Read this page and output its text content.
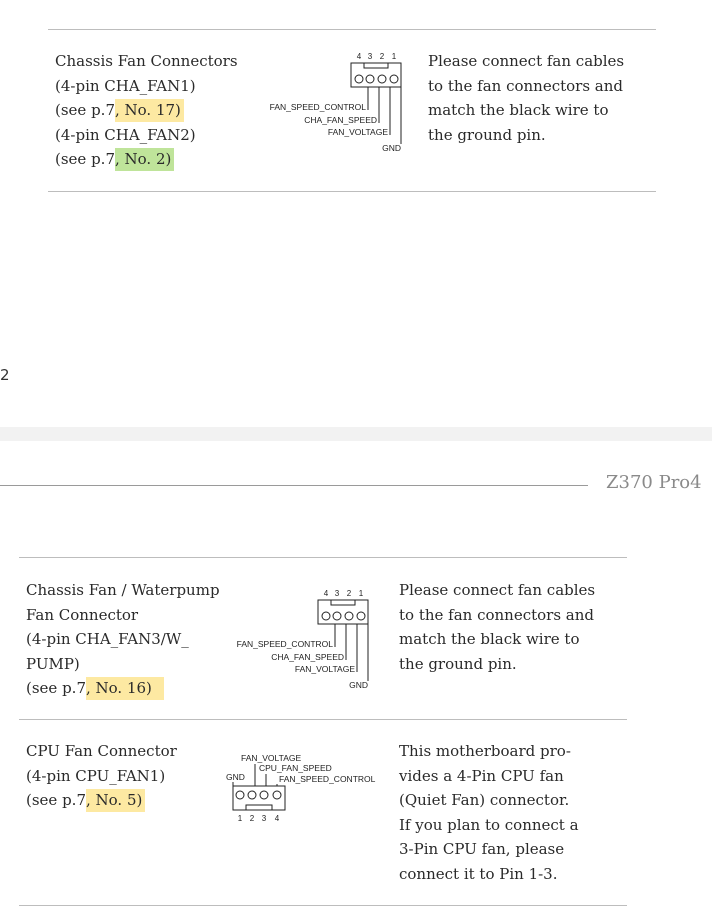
Chassis Fan Connectors
(4-pin CHA_FAN1)
(see p.7, No. 17)
(4-pin CHA_FAN2)
(see p.7, No. 2)
4 3 2 1
FAN_SPEED_CONTROL
CHA_FAN_SPEED
FAN_VOLTAGE
GND
Please connect fan cables
to the fan connectors and
match the black wire to
the ground pin.
2
Z370 Pro4
Chassis Fan / Waterpump
Fan Connector
(4-pin CHA_FAN3/W_
PUMP)
(see p.7, No. 16)
4 3 2 1
FAN_SPEED_CONTROL
CHA_FAN_SPEED
FAN_VOLTAGE
GND
Please connect fan cables
to the fan connectors and
match the black wire to
the ground pin.
CPU Fan Connector
(4-pin CPU_FAN1)
(see p.7, No. 5)
FAN_VOLTAGE
CPU_FAN_SPEED
FAN_SPEED_CONTROL
GND
1 2 3 4
This motherboard pro-
vides a 4-Pin CPU fan
(Quiet Fan) connector.
If you plan to connect a
3-Pin CPU fan, please
connect it to Pin 1-3.
